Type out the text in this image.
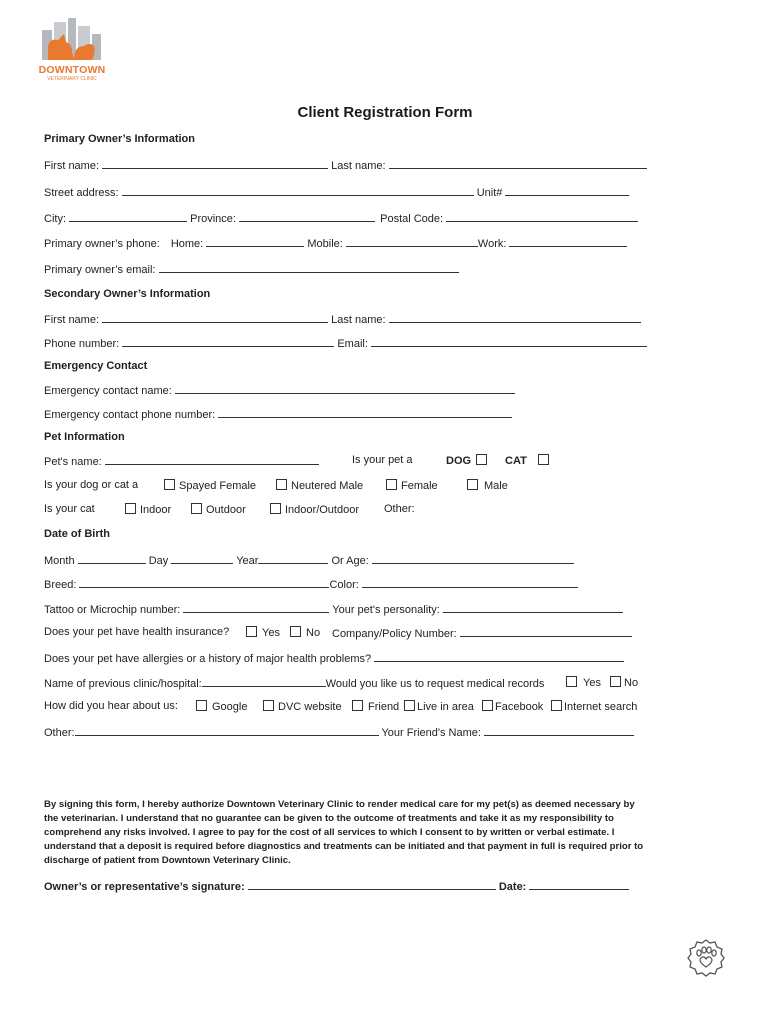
DOWNTOWN
VETERINARY CLINIC
Client Registration Form
Primary Owner’s Information
First name:	Last name:
Street address:	Unit#
City:	Province:	Postal Code:
Primary owner’s phone: Home:	Mobile:	Work:
Primary owner’s email:
Secondary Owner’s Information
First name:	Last name:
Phone number:	Email:
Emergency Contact
Emergency contact name:
Emergency contact phone number:
Pet Information
Pet's name:	Is your pet a	DOG	CAT
Is your dog or cat a	Spayed Female	Neutered Male	Female	Male
Is your cat	Indoor	Outdoor	Indoor/Outdoor Other:
Date of Birth
Month	Day	Year	Or Age:
Breed:	Color:
Tattoo or Microchip number:	Your pet's personality:
Does your pet have health insurance?	Yes	No Company/Policy Number:
Does your pet have allergies or a history of major health problems?
Name of previous clinic/hospital:	Would you like us to request medical records	Yes	No
How did you hear about us:	Google	DVC website	Friend	Live in area	Facebook	Internet search
Other:	Your Friend's Name:
By signing this form, I hereby authorize Downtown Veterinary Clinic to render medical care for my pet(s) as deemed necessary by the veterinarian. I understand that no guarantee can be given to the outcome of treatments and take it as my responsibility to comprehend any risks involved. I agree to pay for the cost of all services to which I consent to by written or verbal estimate. I understand that a deposit is required before diagnostics and treatments can be initiated and that payment in full is required prior to discharge of patient from Downtown Veterinary Clinic.
Owner’s or representative’s signature:	Date:
